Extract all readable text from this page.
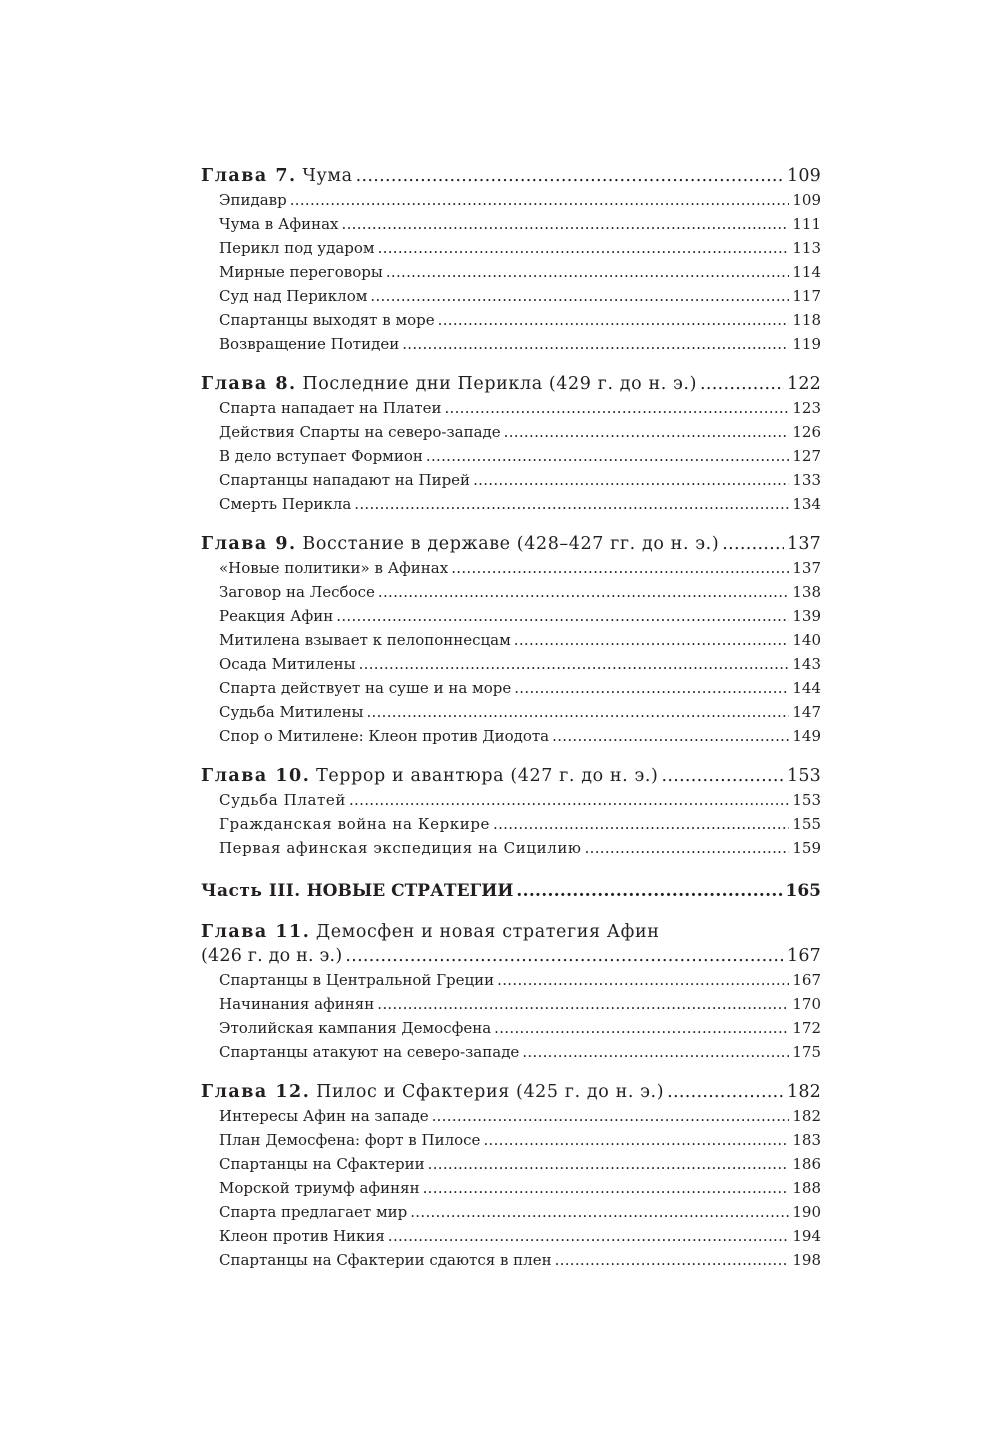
Глава 7. Чума .....	109
Эпидавр .....	109
Чума в Афинах .....	111
Перикл под ударом .....	113
Мирные переговоры .....	114
Суд над Периклом .....	117
Спартанцы выходят в море .....	118
Возвращение Потидеи .....	119
Глава 8. Последние дни Перикла (429 г. до н. э.) .....	122
Спарта нападает на Платеи .....	123
Действия Спарты на северо-западе .....	126
В дело вступает Формион .....	127
Спартанцы нападают на Пирей .....	133
Смерть Перикла .....	134
Глава 9. Восстание в державе (428–427 гг. до н. э.) .....	137
«Новые политики» в Афинах .....	137
Заговор на Лесбосе .....	138
Реакция Афин .....	139
Митилена взывает к пелопоннесцам .....	140
Осада Митилены .....	143
Спарта действует на суше и на море .....	144
Судьба Митилены .....	147
Спор о Митилене: Клеон против Диодота .....	149
Глава 10. Террор и авантюра (427 г. до н. э.) .....	153
Судьба Платей .....	153
Гражданская война на Керкире .....	155
Первая афинская экспедиция на Сицилию .....	159
Часть III. НОВЫЕ СТРАТЕГИИ .....	165
Глава 11. Демосфен и новая стратегия Афин
(426 г. до н. э.) .....	167
Спартанцы в Центральной Греции .....	167
Начинания афинян .....	170
Этолийская кампания Демосфена .....	172
Спартанцы атакуют на северо-западе .....	175
Глава 12. Пилос и Сфактерия (425 г. до н. э.) .....	182
Интересы Афин на западе .....	182
План Демосфена: форт в Пилосе .....	183
Спартанцы на Сфактерии .....	186
Морской триумф афинян .....	188
Спарта предлагает мир .....	190
Клеон против Никия .....	194
Спартанцы на Сфактерии сдаются в плен .....	198
